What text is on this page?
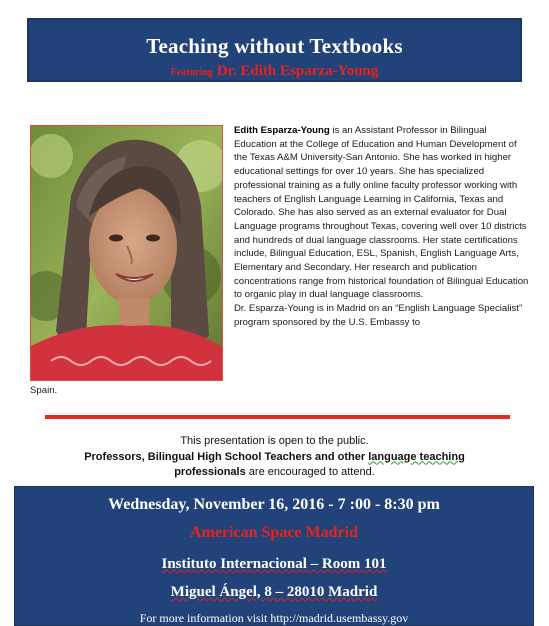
Teaching without Textbooks
Featuring Dr. Edith Esparza-Young
Edith Esparza-Young is an Assistant Professor in Bilingual Education at the College of Education and Human Development of the Texas A&M University-San Antonio. She has worked in higher educational settings for over 10 years. She has specialized professional training as a fully online faculty professor working with teachers of English Language Learning in California, Texas and Colorado. She has also served as an external evaluator for Dual Language programs throughout Texas, covering well over 10 districts and hundreds of dual language classrooms. Her state certifications include, Bilingual Education, ESL, Spanish, English Language Arts, Elementary and Secondary. Her research and publication concentrations range from historical foundation of Bilingual Education to organic play in dual language classrooms.
Dr. Esparza-Young is in Madrid on an “English Language Specialist” program sponsored by the U.S. Embassy to
Spain.
This presentation is open to the public.
Professors, Bilingual High School Teachers and other language teaching
professionals are encouraged to attend.
Wednesday, November 16, 2016 - 7 :00 - 8:30 pm
American Space Madrid
Instituto Internacional – Room 101
Miguel Ángel, 8 – 28010 Madrid
For more information visit http://madrid.usembassy.gov
